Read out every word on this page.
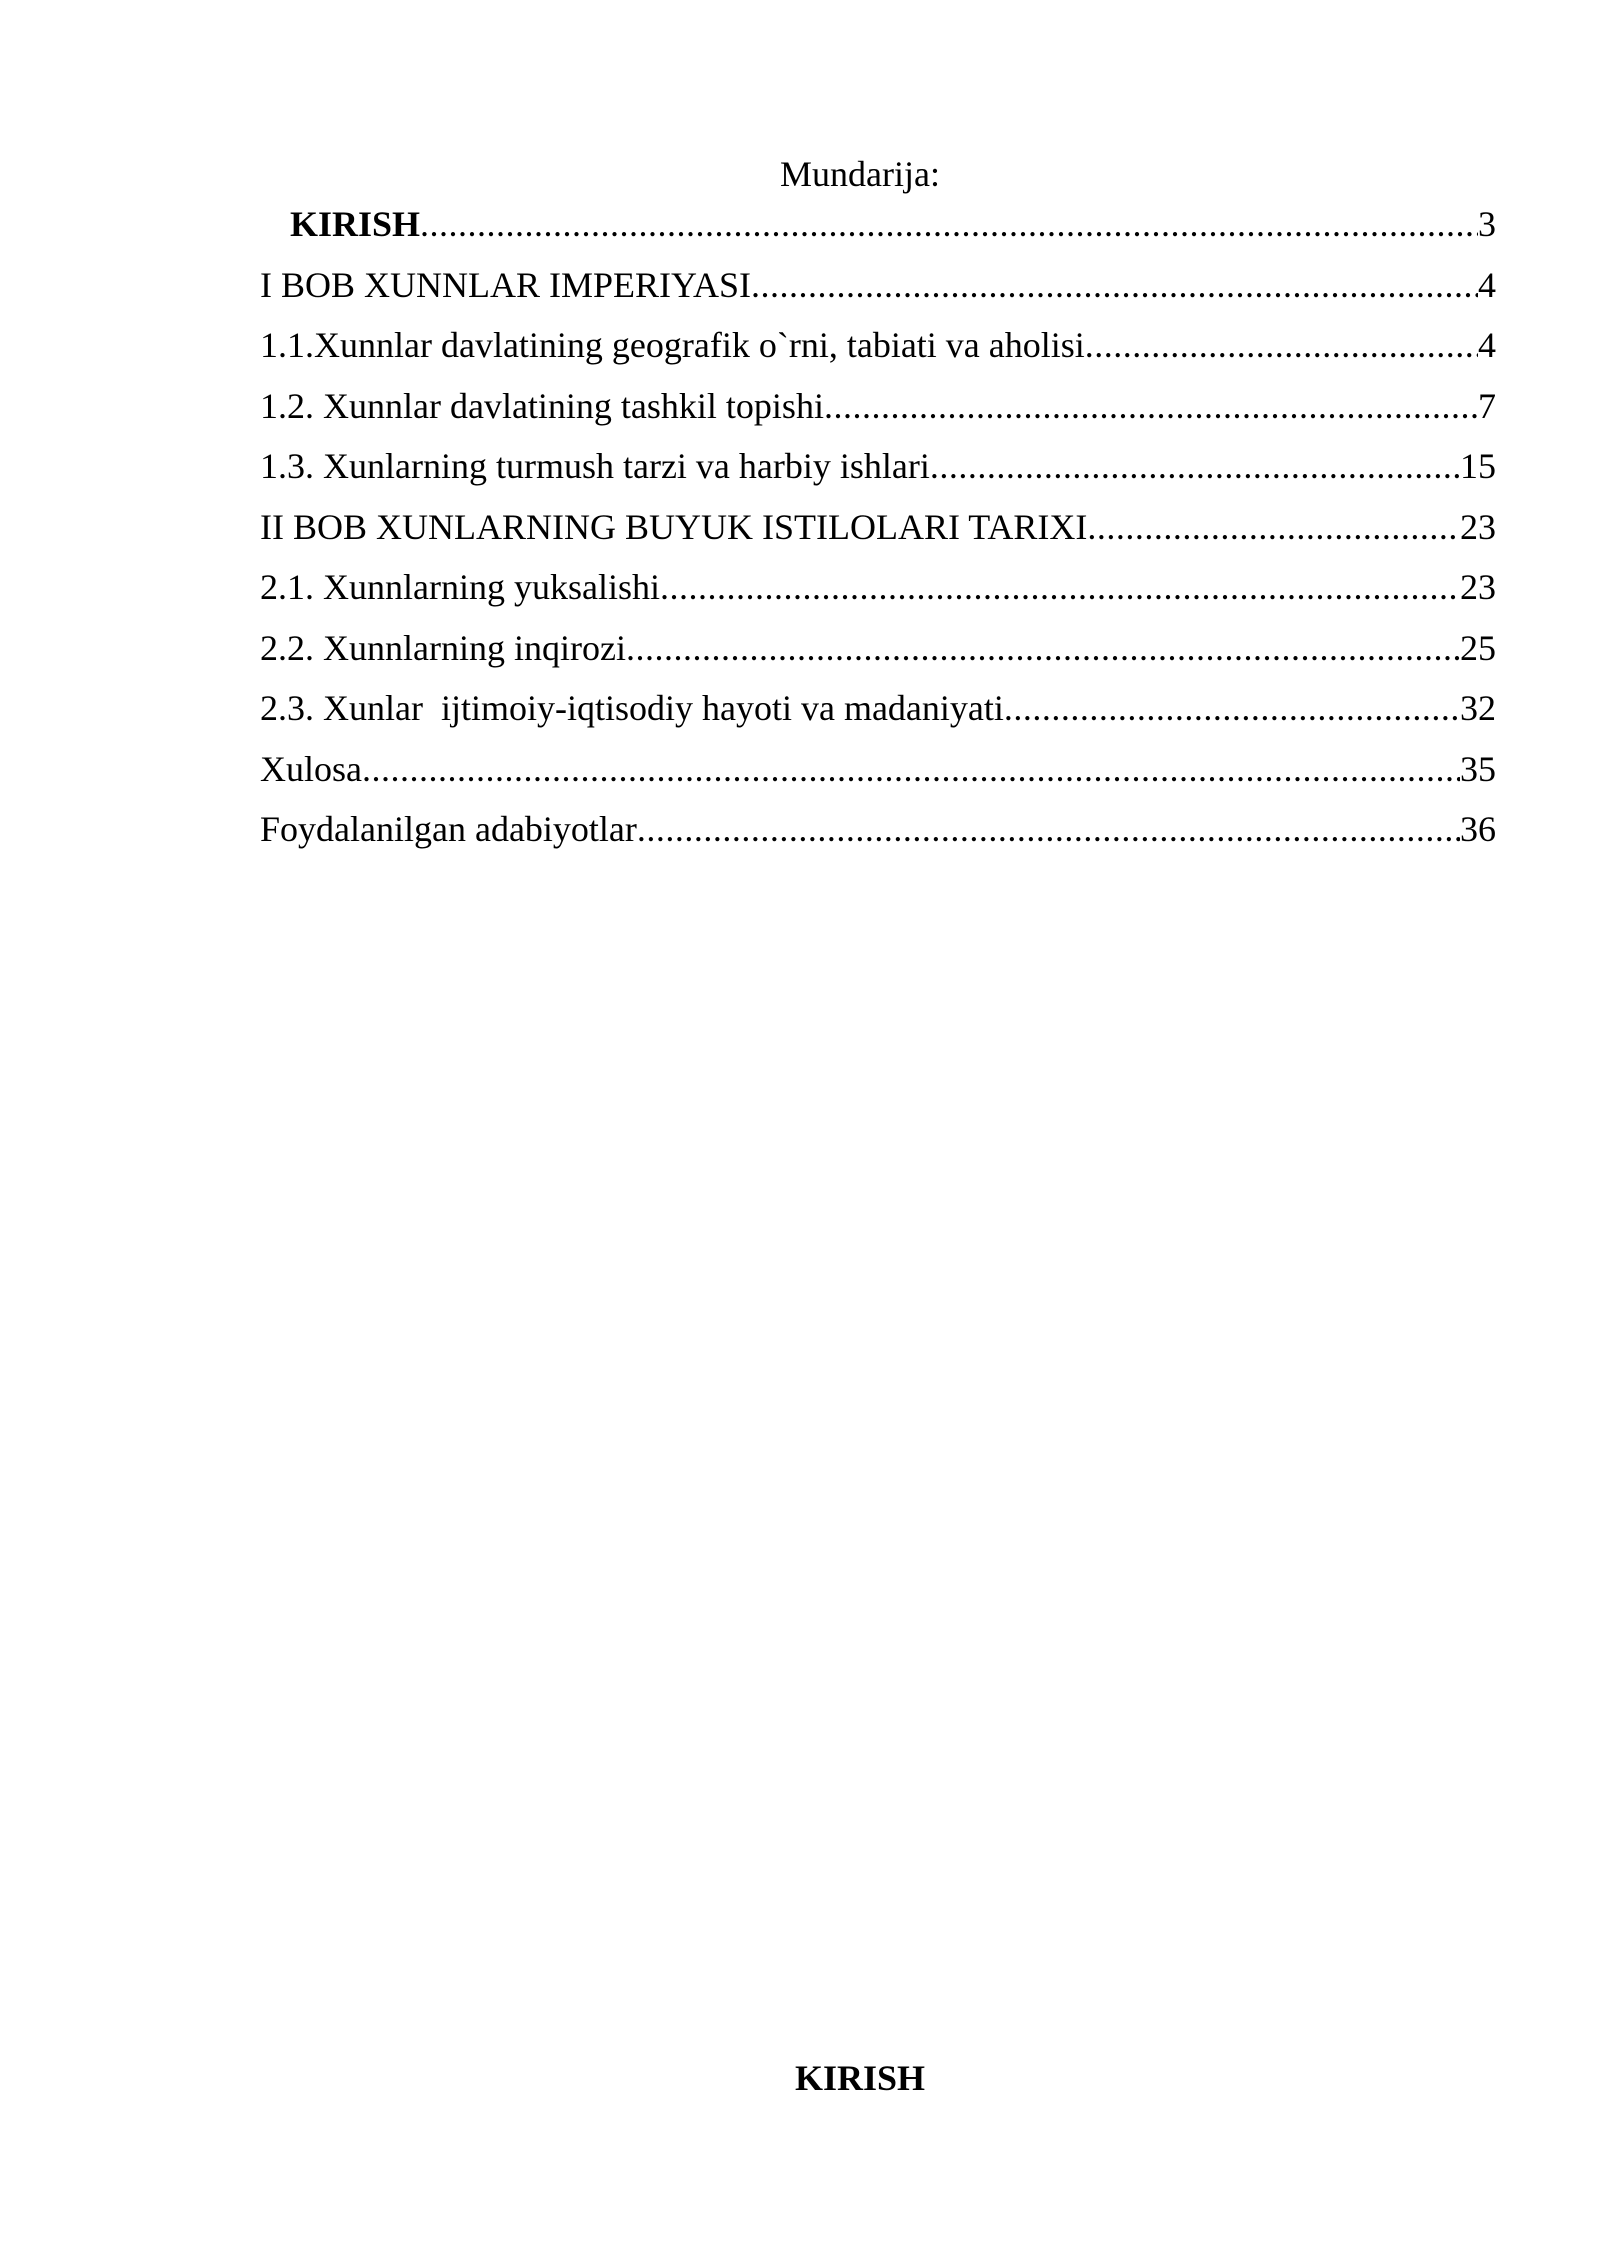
Mundarija:
KIRISH .....	3
I BOB XUNNLAR IMPERIYASI .....	4
1.1.Xunnlar davlatining geografik o`rni, tabiati va aholisi .....	4
1.2. Xunnlar davlatining tashkil topishi .....	7
1.3. Xunlarning turmush tarzi va harbiy ishlari .....	15
II BOB XUNLARNING BUYUK ISTILOLARI TARIXI .....	23
2.1. Xunnlarning yuksalishi .....	23
2.2. Xunnlarning inqirozi .....	25
2.3. Xunlar  ijtimoiy-iqtisodiy hayoti va madaniyati .....	32
Xulosa .....	35
Foydalanilgan adabiyotlar .....	36
KIRISH
